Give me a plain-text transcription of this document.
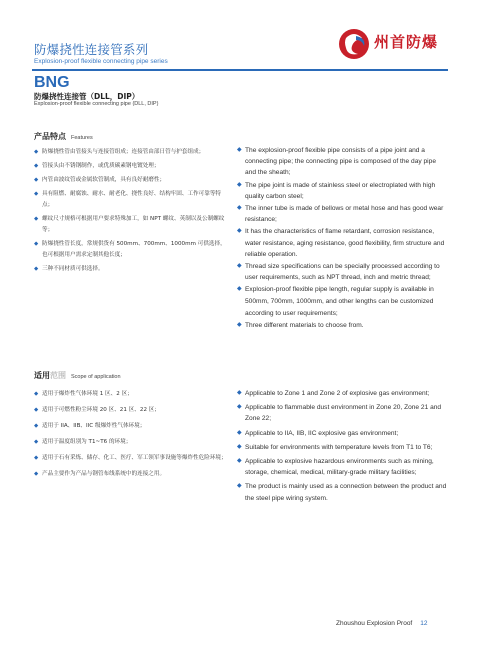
防爆挠性连接管系列
Explosion-proof flexible connecting pipe series
州首防爆
BNG
防爆挠性连接管（DLL，DIP）
Explosion-proof flexible connecting pipe (DLL, DIP)
产品特点 Features
◆ 防爆挠性管由管接头与连接管组成；连接管由部日管与护套组成；
◆ 管接头由不锈钢制作，或优质碳素钢电镀处理；
◆ 内管由波纹管或金属软管制成，具有良好耐磨性；
◆ 具有阻燃、耐腐蚀、耐水、耐老化、挠性良好、结构牢固、工作可靠等特点；
◆ 螺纹尺寸规格可根据用户要求特殊加工，如 NPT 螺纹、英制以及公制螺纹等；
◆ 防爆挠性管长度，常规供货有 500mm、700mm、1000mm 可供选择，也可根据用户需求定制其他长度；
◆ 三种不同材质可供选择。
◆ The explosion-proof flexible pipe consists of a pipe joint and a connecting pipe; the connecting pipe is composed of the day pipe and the sheath;
◆ The pipe joint is made of stainless steel or electroplated with high quality carbon steel;
◆ The inner tube is made of bellows or metal hose and has good wear resistance;
◆ It has the characteristics of flame retardant, corrosion resistance, water resistance, aging resistance, good flexibility, firm structure and reliable operation.
◆ Thread size specifications can be specially processed according to user requirements, such as NPT thread, inch and metric thread;
◆ Explosion-proof flexible pipe length, regular supply is available in 500mm, 700mm, 1000mm, and other lengths can be customized
according to user requirements;
◆ Three different materials to choose from.
适用范围 Scope of application
◆ 适用于爆炸性气体环境 1 区、2 区；
◆ 适用于可燃性粉尘环境 20 区、21 区、22 区；
◆ 适用于 IIA、IIB、IIC 级爆炸性气体环境；
◆ 适用于温度组别为 T1~T6 的环境；
◆ 适用于石有采炼、储存、化工、医疗、军工领军事设施等爆炸性危险环境；
◆ 产品主要作为产品与钢管布线系统中的连接之用。
◆ Applicable to Zone 1 and Zone 2 of explosive gas environment;
◆ Applicable to flammable dust environment in Zone 20, Zone 21 and Zone 22;
◆ Applicable to IIA, IIB, IIC explosive gas environment;
◆ Suitable for environments with temperature levels from T1 to T6;
◆ Applicable to explosive hazardous environments such as mining, storage, chemical, medical, military-grade military facilities;
◆ The product is mainly used as a connection between the product and the steel pipe wiring system.
Zhoushou Explosion Proof 12
